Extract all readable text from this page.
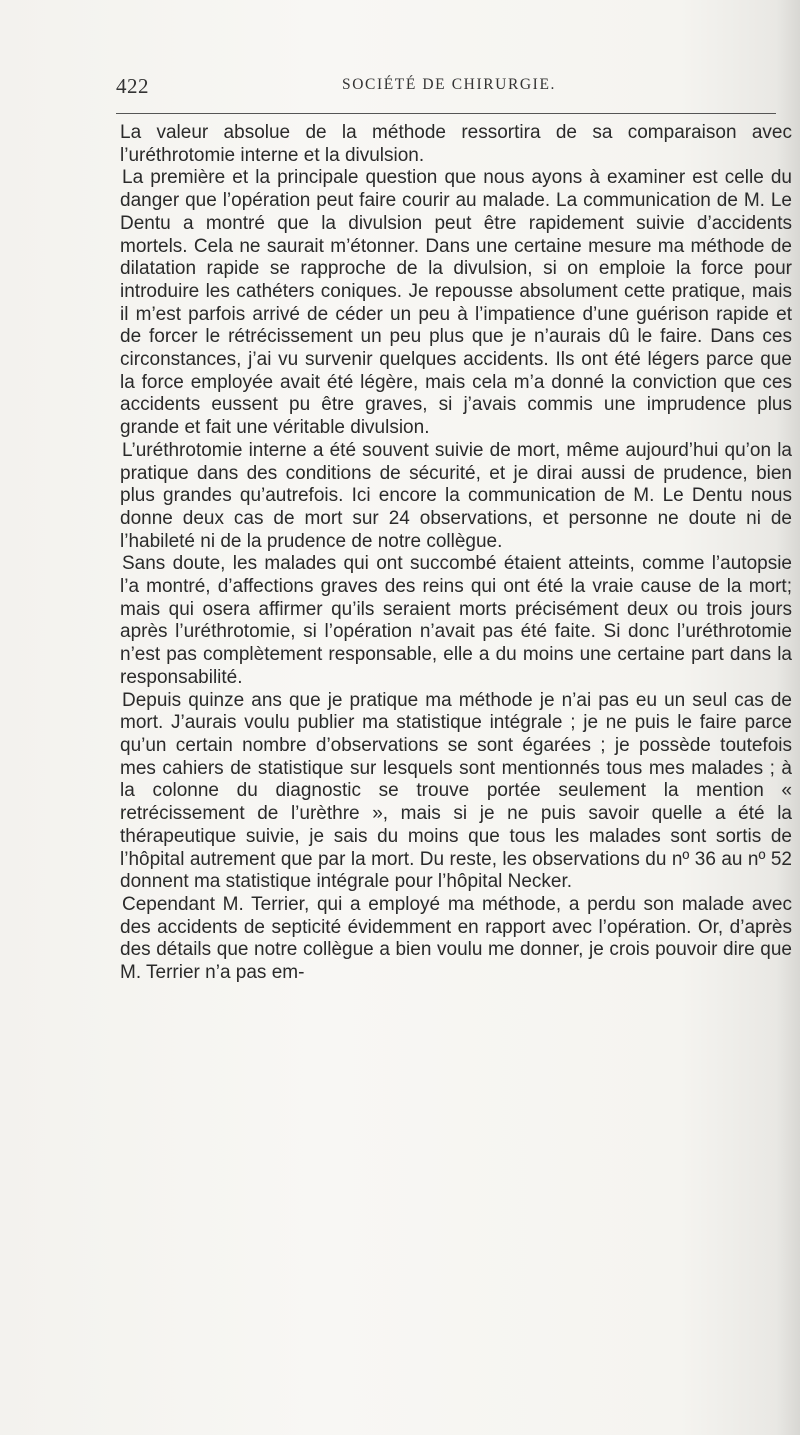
422	SOCIÉTÉ DE CHIRURGIE.

La valeur absolue de la méthode ressortira de sa comparaison avec l’uréthrotomie interne et la divulsion.

La première et la principale question que nous ayons à examiner est celle du danger que l’opération peut faire courir au malade. La communication de M. Le Dentu a montré que la divulsion peut être rapidement suivie d’accidents mortels. Cela ne saurait m’étonner. Dans une certaine mesure ma méthode de dilatation rapide se rapproche de la divulsion, si on emploie la force pour introduire les cathéters coniques. Je repousse absolument cette pratique, mais il m’est parfois arrivé de céder un peu à l’impatience d’une guérison rapide et de forcer le rétrécissement un peu plus que je n’aurais dû le faire. Dans ces circonstances, j’ai vu survenir quelques accidents. Ils ont été légers parce que la force employée avait été légère, mais cela m’a donné la conviction que ces accidents eussent pu être graves, si j’avais commis une imprudence plus grande et fait une véritable divulsion.

L’uréthrotomie interne a été souvent suivie de mort, même aujourd’hui qu’on la pratique dans des conditions de sécurité, et je dirai aussi de prudence, bien plus grandes qu’autrefois. Ici encore la communication de M. Le Dentu nous donne deux cas de mort sur 24 observations, et personne ne doute ni de l’habileté ni de la prudence de notre collègue.

Sans doute, les malades qui ont succombé étaient atteints, comme l’autopsie l’a montré, d’affections graves des reins qui ont été la vraie cause de la mort; mais qui osera affirmer qu’ils seraient morts précisément deux ou trois jours après l’uréthrotomie, si l’opération n’avait pas été faite. Si donc l’uréthrotomie n’est pas complètement responsable, elle a du moins une certaine part dans la responsabilité.

Depuis quinze ans que je pratique ma méthode je n’ai pas eu un seul cas de mort. J’aurais voulu publier ma statistique intégrale ; je ne puis le faire parce qu’un certain nombre d’observations se sont égarées ; je possède toutefois mes cahiers de statistique sur lesquels sont mentionnés tous mes malades ; à la colonne du diagnostic se trouve portée seulement la mention « retrécissement de l’urèthre », mais si je ne puis savoir quelle a été la thérapeutique suivie, je sais du moins que tous les malades sont sortis de l’hôpital autrement que par la mort. Du reste, les observations du nº 36 au nº 52 donnent ma statistique intégrale pour l’hôpital Necker.

Cependant M. Terrier, qui a employé ma méthode, a perdu son malade avec des accidents de septicité évidemment en rapport avec l’opération. Or, d’après des détails que notre collègue a bien voulu me donner, je crois pouvoir dire que M. Terrier n’a pas em-
